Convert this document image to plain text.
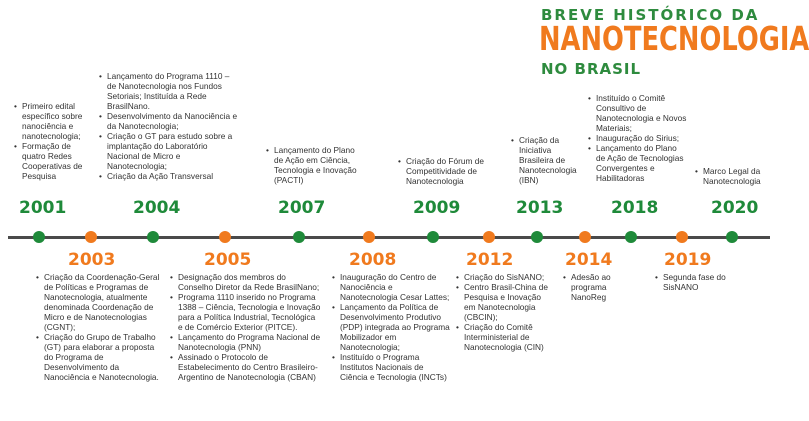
BREVE HISTÓRICO DA
NANOTECNOLOGIA
NO BRASIL
2001
2003
2004
2005
2007
2008
2009
2012
2013
2014
2018
2019
2020
• Primeiro edital específico sobre nanociência e nanotecnologia;
• Formação de quatro Redes Cooperativas de Pesquisa
• Lançamento do Programa 1110 – de Nanotecnologia nos Fundos Setoriais; Instituída a Rede BrasilNano.
• Desenvolvimento da Nanociência e da Nanotecnologia;
• Criação o GT para estudo sobre a implantação do Laboratório Nacional de Micro e Nanotecnologia;
• Criação da Ação Transversal
• Lançamento do Plano de Ação em Ciência, Tecnologia e Inovação (PACTI)
• Criação do Fórum de Competitividade de Nanotecnologia
• Criação da Iniciativa Brasileira de Nanotecnologia (IBN)
• Instituído o Comitê Consultivo de Nanotecnologia e Novos Materiais;
• Inauguração do Sirius;
• Lançamento do Plano de Ação de Tecnologias Convergentes e Habilitadoras
• Marco Legal da Nanotecnologia
• Criação da Coordenação-Geral de Políticas e Programas de Nanotecnologia, atualmente denominada Coordenação de Micro e de Nanotecnologias (CGNT);
• Criação do Grupo de Trabalho (GT) para elaborar a proposta do Programa de Desenvolvimento da Nanociência e Nanotecnologia.
• Designação dos membros do Conselho Diretor da Rede BrasilNano;
• Programa 1110 inserido no Programa 1388 – Ciência, Tecnologia e Inovação para a Política Industrial, Tecnológica e de Comércio Exterior (PITCE).
• Lançamento do Programa Nacional de Nanotecnologia (PNN)
• Assinado o Protocolo de Estabelecimento do Centro Brasileiro-Argentino de Nanotecnologia (CBAN)
• Inauguração do Centro de Nanociência e Nanotecnologia Cesar Lattes;
• Lançamento da Política de Desenvolvimento Produtivo (PDP) integrada ao Programa Mobilizador em Nanotecnologia;
• Instituído o Programa Institutos Nacionais de Ciência e Tecnologia (INCTs)
• Criação do SisNANO;
• Centro Brasil-China de Pesquisa e Inovação em Nanotecnologia (CBCIN);
• Criação do Comitê Interministerial de Nanotecnologia (CIN)
• Adesão ao programa NanoReg
• Segunda fase do SisNANO
